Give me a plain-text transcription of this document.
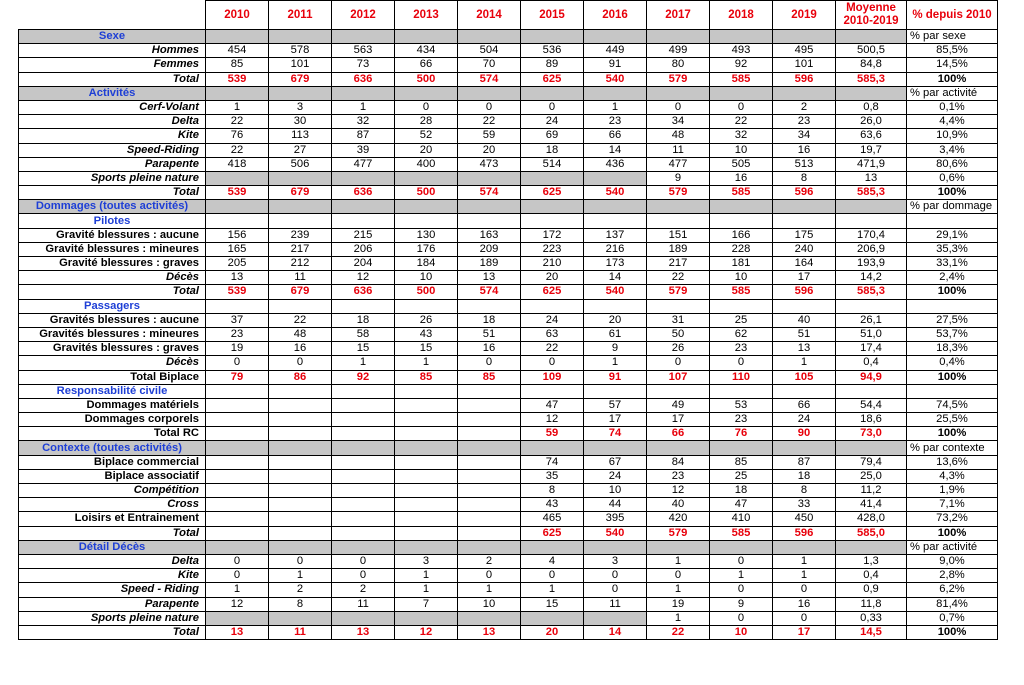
	2010	2011	2012	2013	2014	2015	2016	2017	2018	2019	Moyenne 2010-2019	% depuis 2010
Sexe												% par sexe
Hommes	454	578	563	434	504	536	449	499	493	495	500,5	85,5%
Femmes	85	101	73	66	70	89	91	80	92	101	84,8	14,5%
Total	539	679	636	500	574	625	540	579	585	596	585,3	100%
Activités												% par activité
Cerf-Volant	1	3	1	0	0	0	1	0	0	2	0,8	0,1%
Delta	22	30	32	28	22	24	23	34	22	23	26,0	4,4%
Kite	76	113	87	52	59	69	66	48	32	34	63,6	10,9%
Speed-Riding	22	27	39	20	20	18	14	11	10	16	19,7	3,4%
Parapente	418	506	477	400	473	514	436	477	505	513	471,9	80,6%
Sports pleine nature								9	16	8	13	0,6%
Total	539	679	636	500	574	625	540	579	585	596	585,3	100%
Dommages (toutes activités)												% par dommage
Pilotes												
Gravité blessures : aucune	156	239	215	130	163	172	137	151	166	175	170,4	29,1%
Gravité blessures : mineures	165	217	206	176	209	223	216	189	228	240	206,9	35,3%
Gravité blessures : graves	205	212	204	184	189	210	173	217	181	164	193,9	33,1%
Décès	13	11	12	10	13	20	14	22	10	17	14,2	2,4%
Total	539	679	636	500	574	625	540	579	585	596	585,3	100%
Passagers												
Gravités blessures : aucune	37	22	18	26	18	24	20	31	25	40	26,1	27,5%
Gravités blessures : mineures	23	48	58	43	51	63	61	50	62	51	51,0	53,7%
Gravités blessures : graves	19	16	15	15	16	22	9	26	23	13	17,4	18,3%
Décès	0	0	1	1	0	0	1	0	0	1	0,4	0,4%
Total Biplace	79	86	92	85	85	109	91	107	110	105	94,9	100%
Responsabilité civile												
Dommages matériels						47	57	49	53	66	54,4	74,5%
Dommages corporels						12	17	17	23	24	18,6	25,5%
Total RC						59	74	66	76	90	73,0	100%
Contexte (toutes activités)												% par contexte
Biplace commercial						74	67	84	85	87	79,4	13,6%
Biplace associatif						35	24	23	25	18	25,0	4,3%
Compétition						8	10	12	18	8	11,2	1,9%
Cross						43	44	40	47	33	41,4	7,1%
Loisirs et Entrainement						465	395	420	410	450	428,0	73,2%
Total						625	540	579	585	596	585,0	100%
Détail Décès												% par activité
Delta	0	0	0	3	2	4	3	1	0	1	1,3	9,0%
Kite	0	1	0	1	0	0	0	0	1	1	0,4	2,8%
Speed - Riding	1	2	2	1	1	1	0	1	0	0	0,9	6,2%
Parapente	12	8	11	7	10	15	11	19	9	16	11,8	81,4%
Sports pleine nature								1	0	0	0,33	0,7%
Total	13	11	13	12	13	20	14	22	10	17	14,5	100%
